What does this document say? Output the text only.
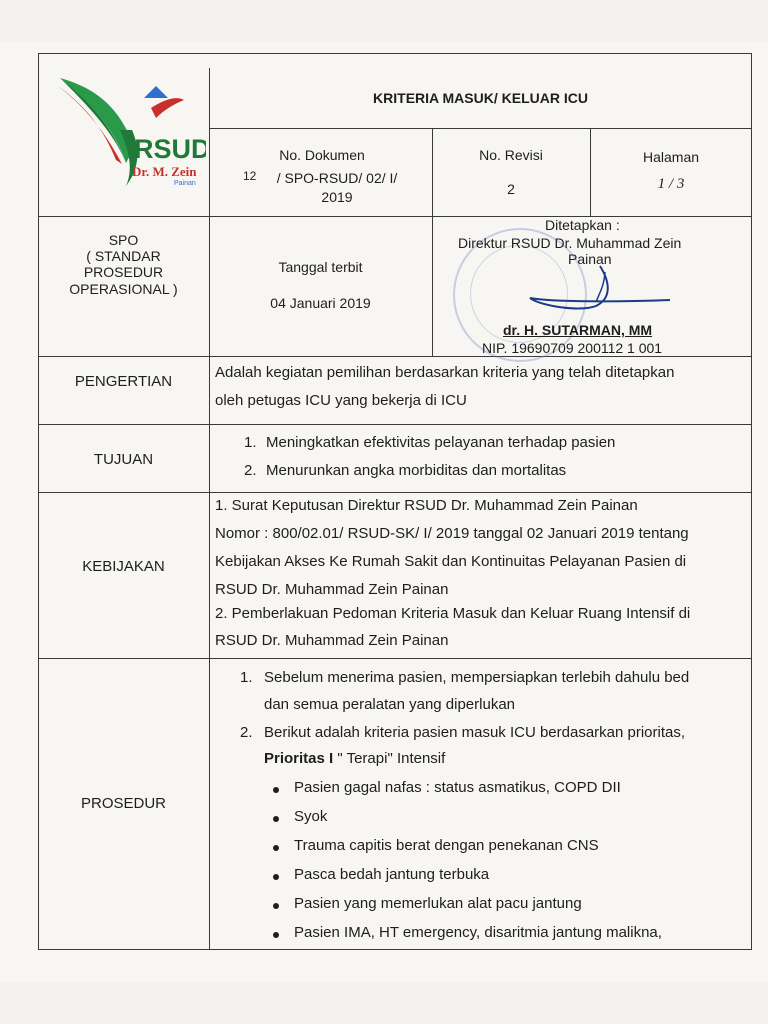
RSUD
Dr. M. Zein
Painan
KRITERIA MASUK/ KELUAR ICU
No. Dokumen
12	/ SPO-RSUD/ 02/ I/
2019
No. Revisi
2
Halaman
1 / 3
SPO
( STANDAR
PROSEDUR
OPERASIONAL )
Tanggal terbit
04 Januari 2019
Ditetapkan :
Direktur RSUD Dr. Muhammad Zein
Painan
dr. H. SUTARMAN, MM
NIP. 19690709 200112 1 001
PENGERTIAN
Adalah kegiatan pemilihan berdasarkan kriteria yang telah ditetapkan
oleh petugas ICU yang bekerja di ICU
TUJUAN
1. Meningkatkan efektivitas pelayanan terhadap pasien
2. Menurunkan angka morbiditas dan mortalitas
KEBIJAKAN
1. Surat Keputusan Direktur RSUD Dr. Muhammad Zein Painan
Nomor : 800/02.01/ RSUD-SK/ I/ 2019 tanggal 02 Januari 2019 tentang
Kebijakan Akses Ke Rumah Sakit dan Kontinuitas Pelayanan Pasien di
RSUD Dr. Muhammad Zein Painan
2. Pemberlakuan Pedoman Kriteria Masuk dan Keluar Ruang Intensif di
RSUD Dr. Muhammad Zein Painan
PROSEDUR
1. Sebelum menerima pasien, mempersiapkan terlebih dahulu bed
dan semua peralatan yang diperlukan
2. Berikut adalah kriteria pasien masuk ICU berdasarkan prioritas,
Prioritas I " Terapi" Intensif
Pasien gagal nafas : status asmatikus, COPD DII
Syok
Trauma capitis berat dengan penekanan CNS
Pasca bedah jantung terbuka
Pasien yang memerlukan alat pacu jantung
Pasien IMA, HT emergency, disaritmia jantung malikna,
